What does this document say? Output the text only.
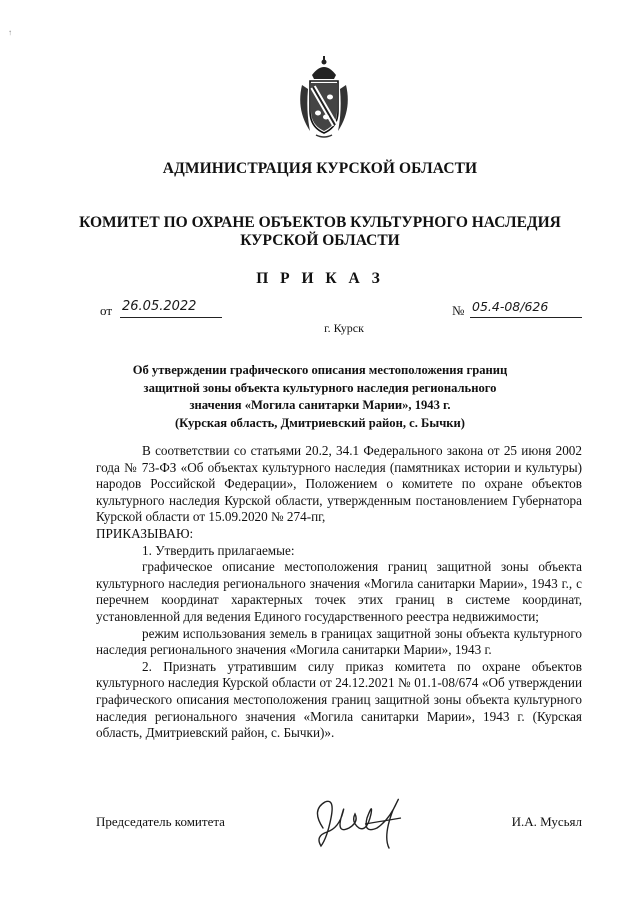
↑
АДМИНИСТРАЦИЯ КУРСКОЙ ОБЛАСТИ
КОМИТЕТ ПО ОХРАНЕ ОБЪЕКТОВ КУЛЬТУРНОГО НАСЛЕДИЯ
КУРСКОЙ ОБЛАСТИ
П Р И К А З
от 26.05.2022	№ 05.4-08/626
г. Курск
Об утверждении графического описания местоположения границ
защитной зоны объекта культурного наследия регионального
значения «Могила санитарки Марии», 1943 г.
(Курская область, Дмитриевский район, с. Бычки)

В соответствии со статьями 20.2, 34.1 Федерального закона от 25 июня 2002 года № 73-ФЗ «Об объектах культурного наследия (памятниках истории и культуры) народов Российской Федерации», Положением о комитете по охране объектов культурного наследия Курской области, утвержденным постановлением Губернатора Курской области от 15.09.2020 № 274-пг,

ПРИКАЗЫВАЮ:

1. Утвердить прилагаемые:

графическое описание местоположения границ защитной зоны объекта культурного наследия регионального значения «Могила санитарки Марии», 1943 г., с перечнем координат характерных точек этих границ в системе координат, установленной для ведения Единого государственного реестра недвижимости;

режим использования земель в границах защитной зоны объекта культурного наследия регионального значения «Могила санитарки Марии», 1943 г.

2. Признать утратившим силу приказ комитета по охране объектов культурного наследия Курской области от 24.12.2021 № 01.1-08/674 «Об утверждении графического описания местоположения границ защитной зоны объекта культурного наследия регионального значения «Могила санитарки Марии», 1943 г. (Курская область, Дмитриевский район, с. Бычки)».

Председатель комитета	И.А. Мусьял
